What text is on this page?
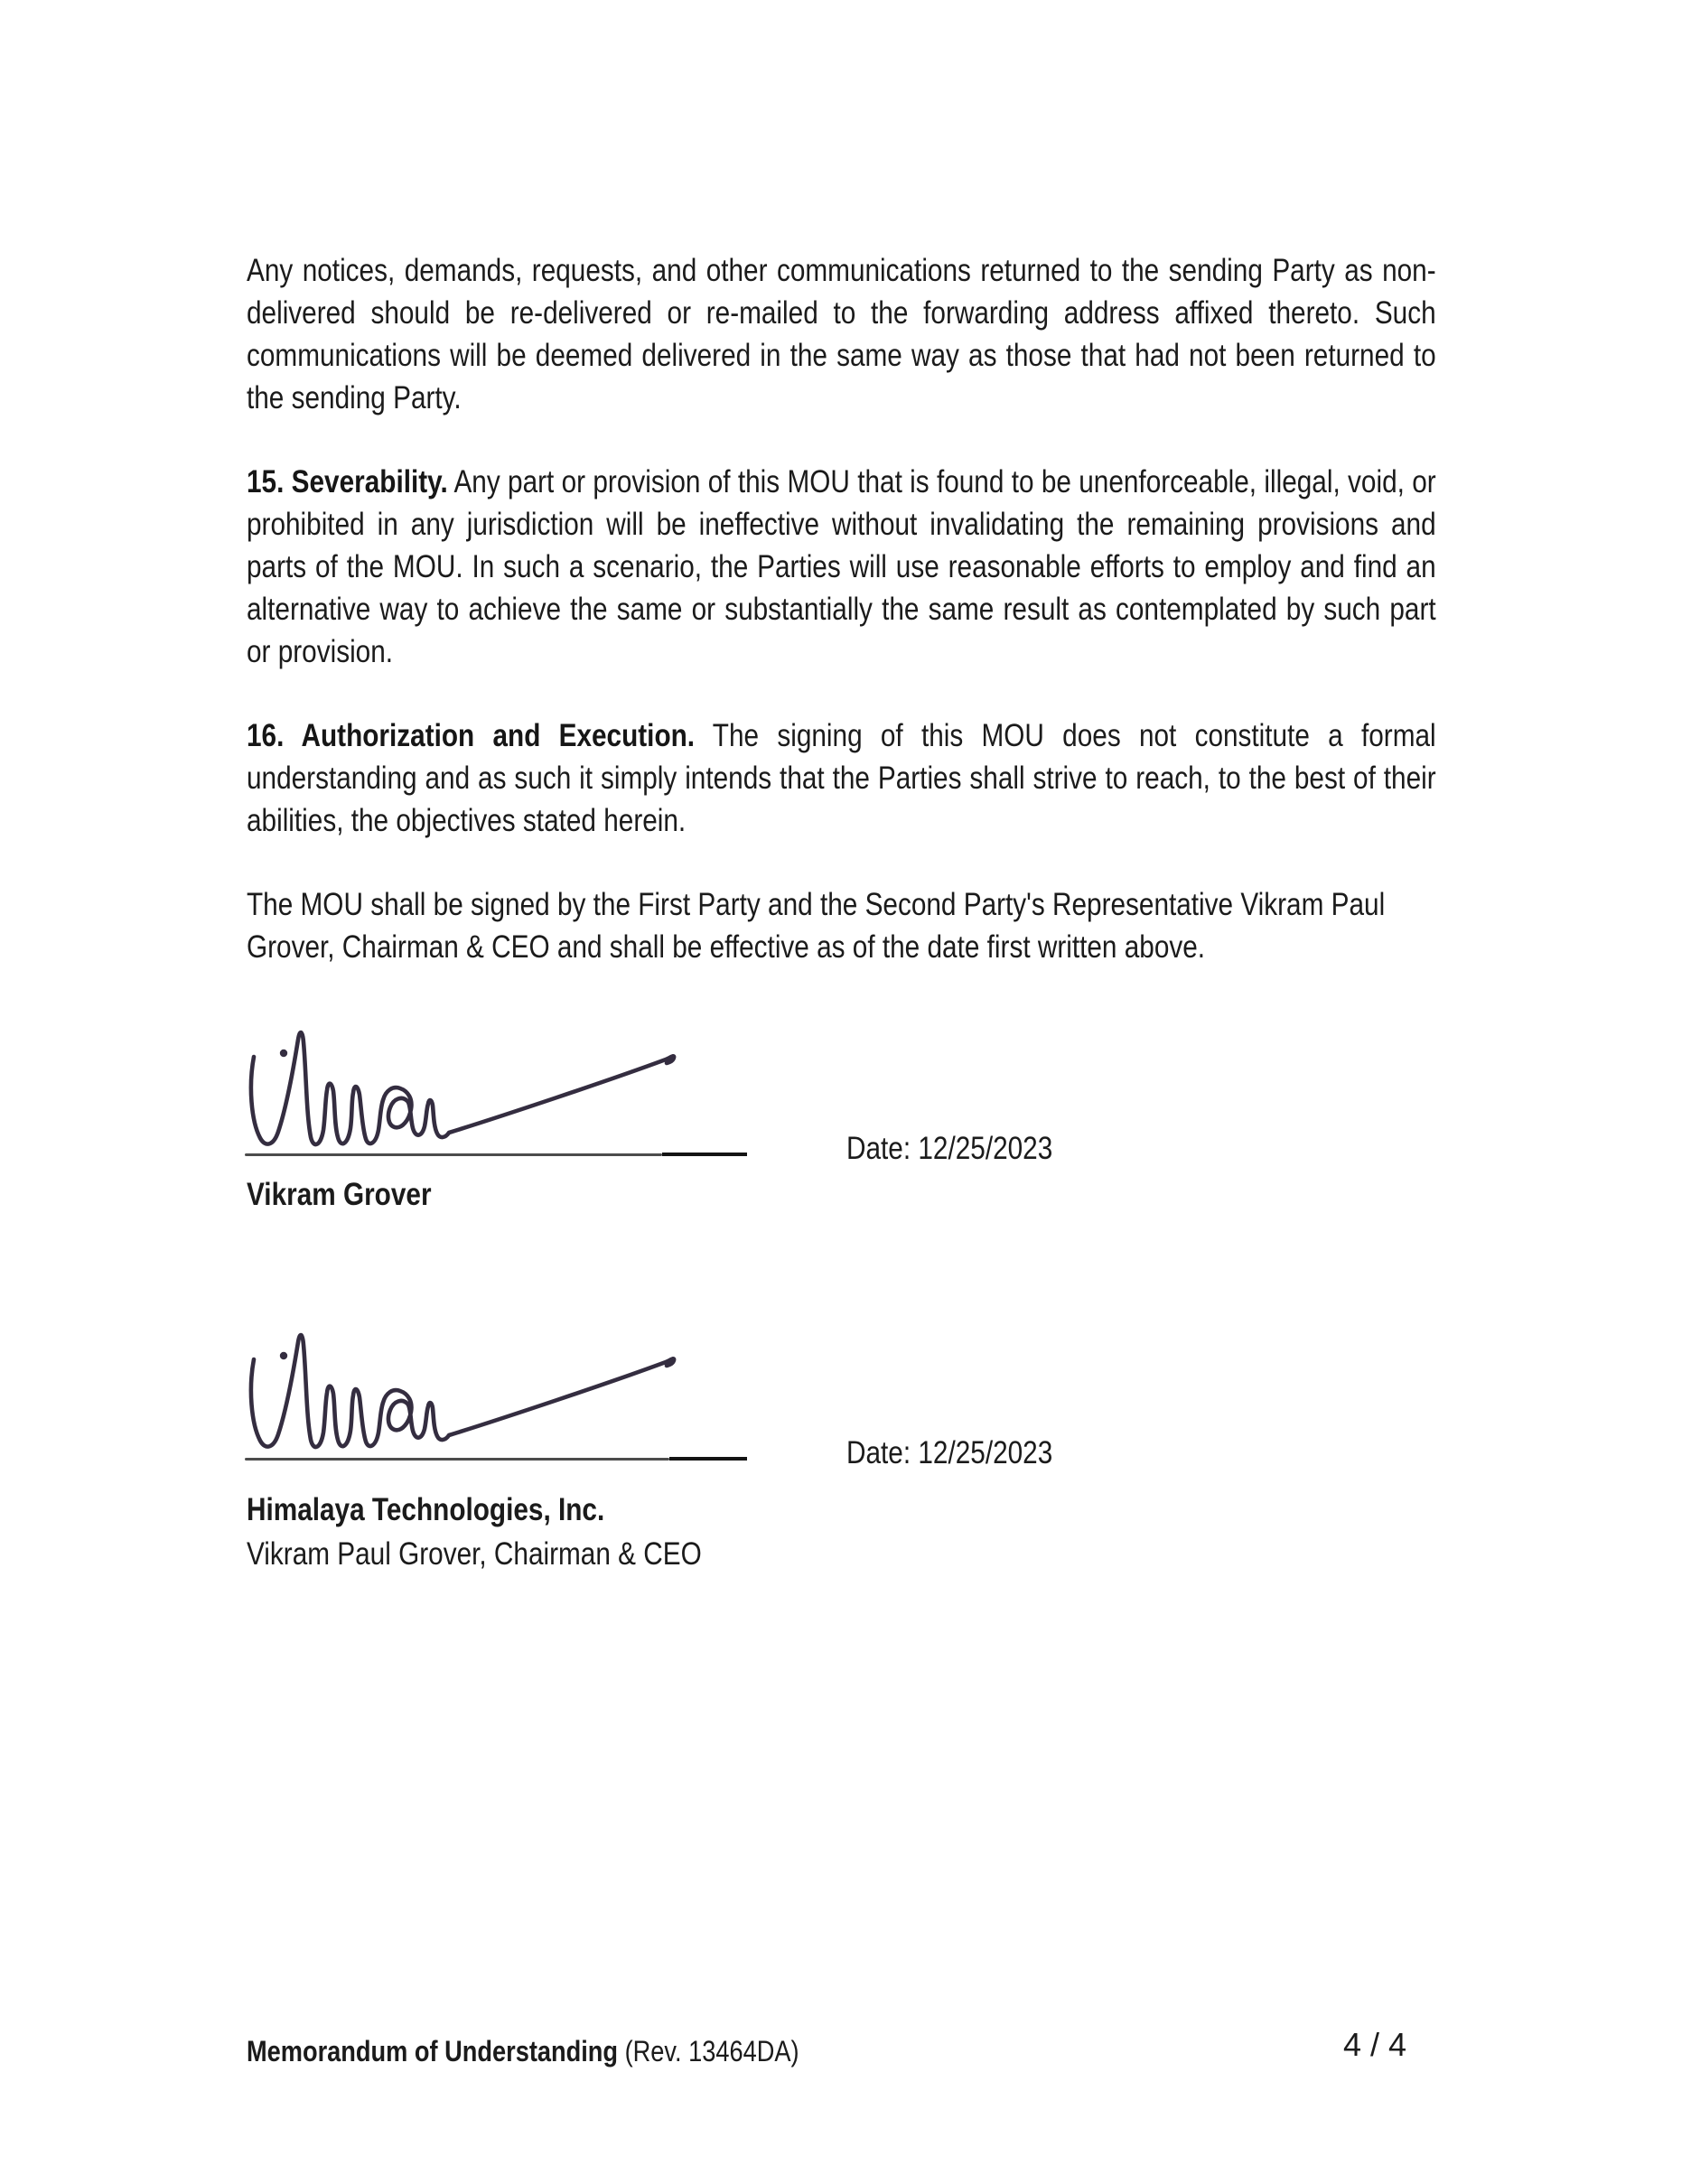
Any notices, demands, requests, and other communications returned to the sending Party as non-delivered should be re-delivered or re-mailed to the forwarding address affixed thereto. Such communications will be deemed delivered in the same way as those that had not been returned to the sending Party.

15. Severability. Any part or provision of this MOU that is found to be unenforceable, illegal, void, or prohibited in any jurisdiction will be ineffective without invalidating the remaining provisions and parts of the MOU. In such a scenario, the Parties will use reasonable efforts to employ and find an alternative way to achieve the same or substantially the same result as contemplated by such part or provision.

16. Authorization and Execution. The signing of this MOU does not constitute a formal understanding and as such it simply intends that the Parties shall strive to reach, to the best of their abilities, the objectives stated herein.

The MOU shall be signed by the First Party and the Second Party's Representative Vikram Paul Grover, Chairman & CEO and shall be effective as of the date first written above.

Date: 12/25/2023
Vikram Grover
Date: 12/25/2023
Himalaya Technologies, Inc.
Vikram Paul Grover, Chairman & CEO
Memorandum of Understanding (Rev. 13464DA)	4 / 4
